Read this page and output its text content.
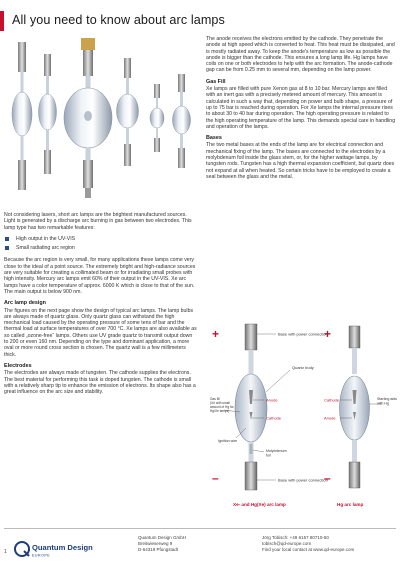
All you need to know about arc lamps

Not considering lasers, short arc lamps are the brightest manufactured sources. Light is generated by a discharge arc burning in gas between two electrodes. This lamp type has two remarkable features:

High output in the UV-VIS
Small radiating arc region

Because the arc region is very small, for many applications these lamps come very close to the ideal of a point source. The extremely bright and high-radiance sources are very suitable for creating a collimated beam or for irradiating small probes with high intensity. Mercury arc lamps emit 60% of their output in the UV-VIS. Xe arc lamps have a color temperature of approx. 6000 K which is close to that of the sun. The main output is below 900 nm.

Arc lamp design

The figures on the next page show the design of typical arc lamps. The lamp bulbs are always made of quartz glass. Only quartz glass can withstand the high mechanical load caused by the operating pressure of some tens of bar and the thermal load at surface temperatures of over 700 °C. Xe lamps are also available as so called „ozone-free“ lamps. Others use UV grade quartz to transmit output down to 200 or even 160 nm. Depending on the type and dominant application, a more oval or more round cross section is chosen. The quartz wall is a few millimeters thick.

Electrodes

The electrodes are always made of tungsten. The cathode supplies the electrons. The best material for performing this task is doped tungsten. The cathode is small with a relatively sharp tip to enhance the emission of electrons. Its shape also has a great influence on the arc size and stability.

The anode receives the electrons emitted by the cathode. They penetrate the anode at high speed which is converted to heat. This heat must be dissipated, and is mostly radiated away. To keep the anode's temperature as low as possible the anode is bigger than the cathode. This ensures a long lamp life. Hg lamps have coils on one or both electrodes to help with the arc formation. The anode-cathode gap can be from 0.25 mm to several mm, depending on the lamp power.

Gas Fill

Xe lamps are filled with pure Xenon gas at 8 to 10 bar. Mercury lamps are filled with an inert gas with a precisely metered amount of mercury. This amount is calculated in such a way that, depending on power and bulb shape, a pressure of up to 75 bar is reached during operation. For Xe lamps the internal pressure rises to about 30 to 40 bar during operation. The high operating pressure is related to the high operating temperature of the lamp. This demands special care in handling and operation of the lamps.

Bases

The two metal bases at the ends of the lamp are for electrical connection and mechanical fixing of the lamp. The bases are connected to the electrodes by a molybdenum foil inside the glass stem, or, for the higher wattage lamps, by tungsten rods. Tungsten has a high thermal expansion coefficient, but quartz does not expand at all when heated. So certain tricks have to be employed to create a seal between the glass and the metal.

+
–
+
–
Base with power connection
Quartz body
Gas fill (Xe with small amount of Hg for Hg/Xe lamps)
Anode
Cathode
Ignition wire
Molybdenum foil
Base with power connection
Cathode
Anode
Starting aids with Hg
Xe- and Hg(Xe) arc lamp	Hg arc lamp
1	Quantum Design
EUROPE
Quantum Design GmbH
Breitwieserweg 9
D-64319 Pfungstadt
Jörg Tobisch: +49 6157 80710-50
tobisch@qd-europe.com
Find your local contact at www.qd-europe.com
